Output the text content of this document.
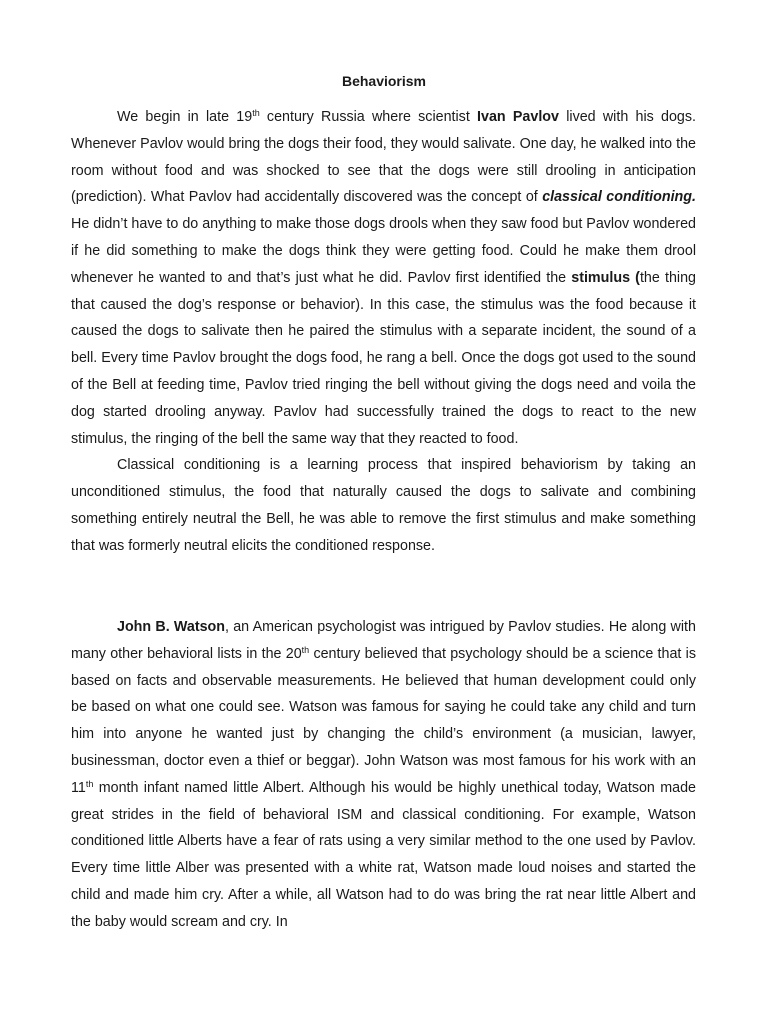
Behaviorism

We begin in late 19th century Russia where scientist Ivan Pavlov lived with his dogs. Whenever Pavlov would bring the dogs their food, they would salivate. One day, he walked into the room without food and was shocked to see that the dogs were still drooling in anticipation (prediction). What Pavlov had accidentally discovered was the concept of classical conditioning. He didn’t have to do anything to make those dogs drools when they saw food but Pavlov wondered if he did something to make the dogs think they were getting food. Could he make them drool whenever he wanted to and that’s just what he did. Pavlov first identified the stimulus (the thing that caused the dog’s response or behavior). In this case, the stimulus was the food because it caused the dogs to salivate then he paired the stimulus with a separate incident, the sound of a bell. Every time Pavlov brought the dogs food, he rang a bell. Once the dogs got used to the sound of the Bell at feeding time, Pavlov tried ringing the bell without giving the dogs need and voila the dog started drooling anyway. Pavlov had successfully trained the dogs to react to the new stimulus, the ringing of the bell the same way that they reacted to food.

Classical conditioning is a learning process that inspired behaviorism by taking an unconditioned stimulus, the food that naturally caused the dogs to salivate and combining something entirely neutral the Bell, he was able to remove the first stimulus and make something that was formerly neutral elicits the conditioned response.

John B. Watson, an American psychologist was intrigued by Pavlov studies. He along with many other behavioral lists in the 20th century believed that psychology should be a science that is based on facts and observable measurements. He believed that human development could only be based on what one could see. Watson was famous for saying he could take any child and turn him into anyone he wanted just by changing the child’s environment (a musician, lawyer, businessman, doctor even a thief or beggar). John Watson was most famous for his work with an 11th month infant named little Albert. Although his would be highly unethical today, Watson made great strides in the field of behavioral ISM and classical conditioning. For example, Watson conditioned little Alberts have a fear of rats using a very similar method to the one used by Pavlov. Every time little Alber was presented with a white rat, Watson made loud noises and started the child and made him cry. After a while, all Watson had to do was bring the rat near little Albert and the baby would scream and cry. In
